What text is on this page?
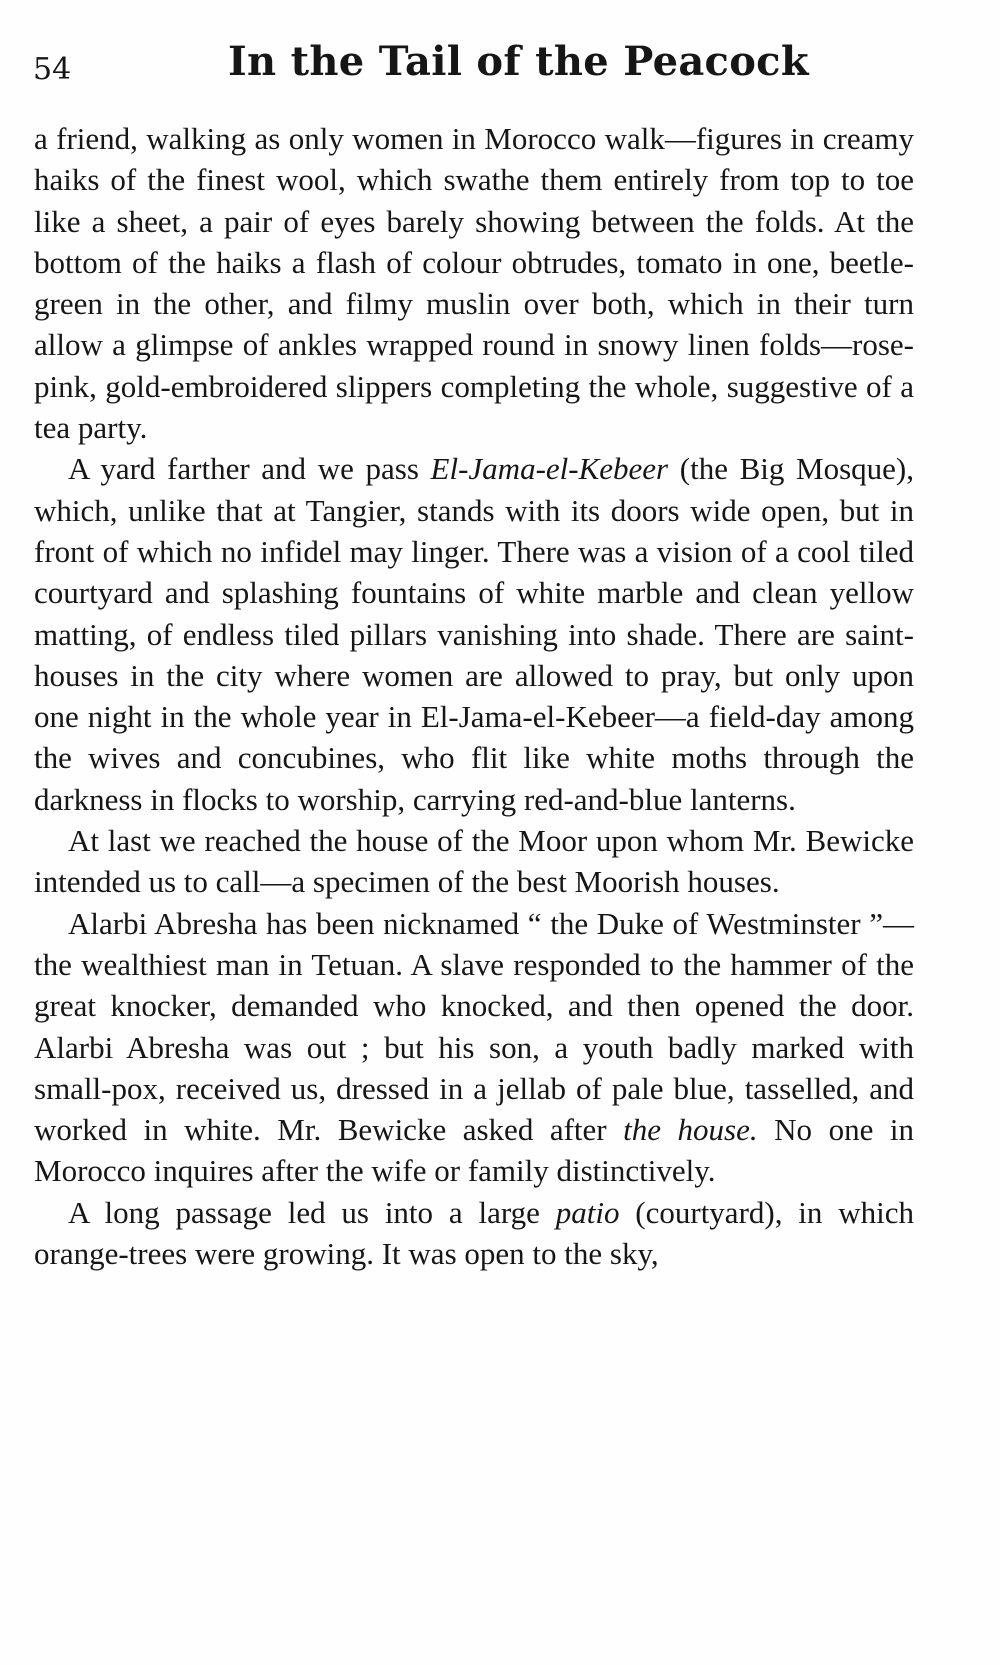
54	In the Tail of the Peacock

a friend, walking as only women in Morocco walk—figures in creamy haiks of the finest wool, which swathe them entirely from top to toe like a sheet, a pair of eyes barely showing between the folds. At the bottom of the haiks a flash of colour obtrudes, tomato in one, beetle-green in the other, and filmy muslin over both, which in their turn allow a glimpse of ankles wrapped round in snowy linen folds—rose-pink, gold-embroidered slippers completing the whole, suggestive of a tea party.

A yard farther and we pass El-Jama-el-Kebeer (the Big Mosque), which, unlike that at Tangier, stands with its doors wide open, but in front of which no infidel may linger. There was a vision of a cool tiled courtyard and splashing fountains of white marble and clean yellow matting, of endless tiled pillars vanishing into shade. There are saint-houses in the city where women are allowed to pray, but only upon one night in the whole year in El-Jama-el-Kebeer—a field-day among the wives and concubines, who flit like white moths through the darkness in flocks to worship, carrying red-and-blue lanterns.

At last we reached the house of the Moor upon whom Mr. Bewicke intended us to call—a specimen of the best Moorish houses.

Alarbi Abresha has been nicknamed “ the Duke of Westminster ”—the wealthiest man in Tetuan. A slave responded to the hammer of the great knocker, demanded who knocked, and then opened the door. Alarbi Abresha was out ; but his son, a youth badly marked with small-pox, received us, dressed in a jellab of pale blue, tasselled, and worked in white. Mr. Bewicke asked after the house. No one in Morocco inquires after the wife or family distinctively.

A long passage led us into a large patio (courtyard), in which orange-trees were growing. It was open to the sky,
